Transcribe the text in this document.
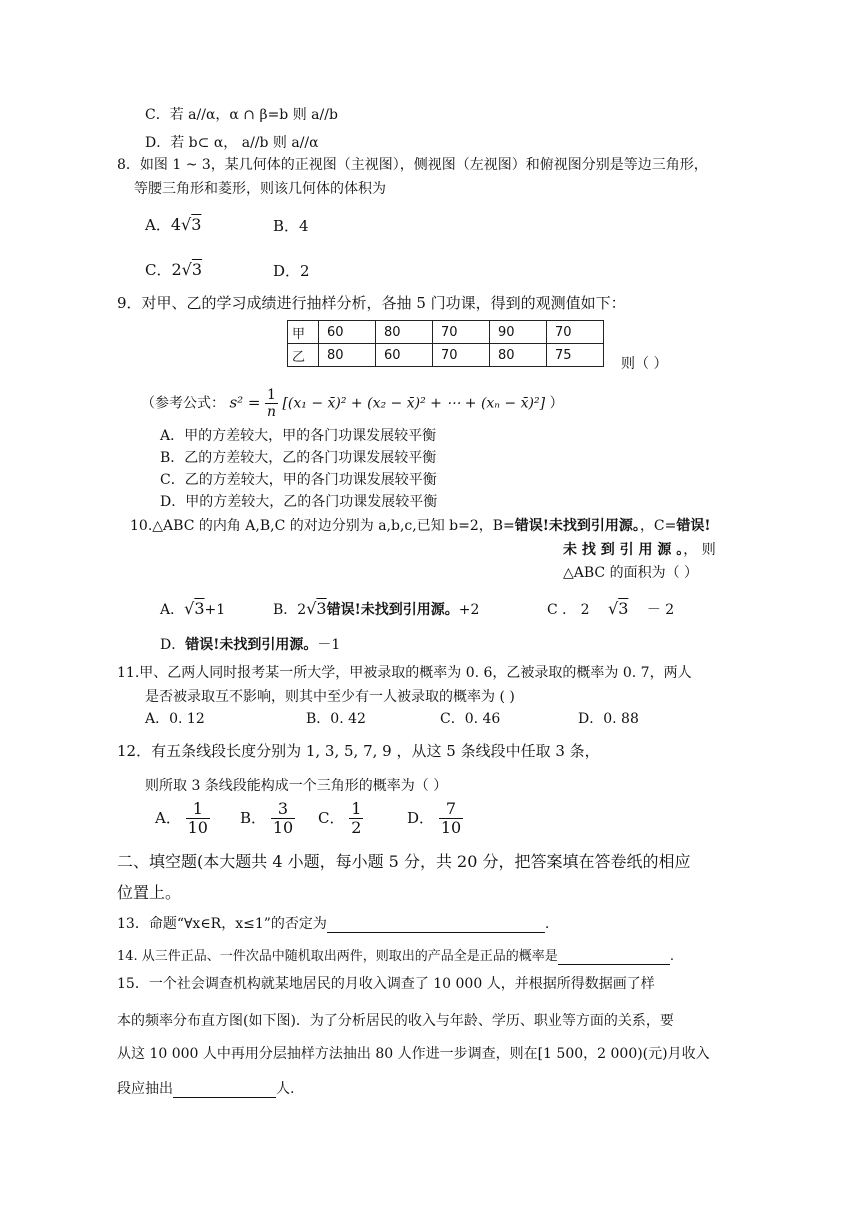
C．若 a//α，α ∩ β=b 则 a//b
D．若 b⊂ α， a//b 则 a//α
8．如图 1 ~ 3，某几何体的正视图（主视图），侧视图（左视图）和俯视图分别是等边三角形，
等腰三角形和菱形，则该几何体的体积为
A．4√3	B．4
C．2√3	D．2
9．对甲、乙的学习成绩进行抽样分析，各抽 5 门功课，得到的观测值如下：
甲	60	80	70	90	70
乙	80	60	70	80	75
则（ ）
（参考公式： $s^2 = \frac{1}{n} [(x_1$ − x̄)² + (x₂ − x̄)² + ⋯ + (xₙ − x̄)²] ）
A．甲的方差较大，甲的各门功课发展较平衡
B．乙的方差较大，乙的各门功课发展较平衡
C．乙的方差较大，甲的各门功课发展较平衡
D．甲的方差较大，乙的各门功课发展较平衡
10.△ABC 的内角 A,B,C 的对边分别为 a,b,c,已知 b=2，B=错误!未找到引用源。，C=错误!
未 找 到 引 用 源 。， 则
△ABC 的面积为（ ）
A．√3+1	B．2√3错误!未找到引用源。+2	C ． 2 √3 － 2
D．错误!未找到引用源。－1
11.甲、乙两人同时报考某一所大学，甲被录取的概率为 0. 6，乙被录取的概率为 0. 7，两人
是否被录取互不影响，则其中至少有一人被录取的概率为 ( )
A．0. 12	B．0. 42	C．0. 46	D．0. 88
12．有五条线段长度分别为 1, 3, 5, 7, 9 ，从这 5 条线段中任取 3 条，
则所取 3 条线段能构成一个三角形的概率为（ ）
A． $\frac{1}{10}$ B． $\frac{3}{10}$ C． $\frac{1}{2}$	D． $\frac{7}{10}$
二、填空题(本大题共 4 小题，每小题 5 分，共 20 分，把答案填在答卷纸的相应
位置上。
13．命题“∀x∈R，x≤1”的否定为	.
14. 从三件正品、一件次品中随机取出两件，则取出的产品全是正品的概率是	.
15．一个社会调查机构就某地居民的月收入调查了 10 000 人，并根据所得数据画了样
本的频率分布直方图(如下图)．为了分析居民的收入与年龄、学历、职业等方面的关系，要
从这 10 000 人中再用分层抽样方法抽出 80 人作进一步调查，则在[1 500，2 000)(元)月收入
段应抽出	人.
